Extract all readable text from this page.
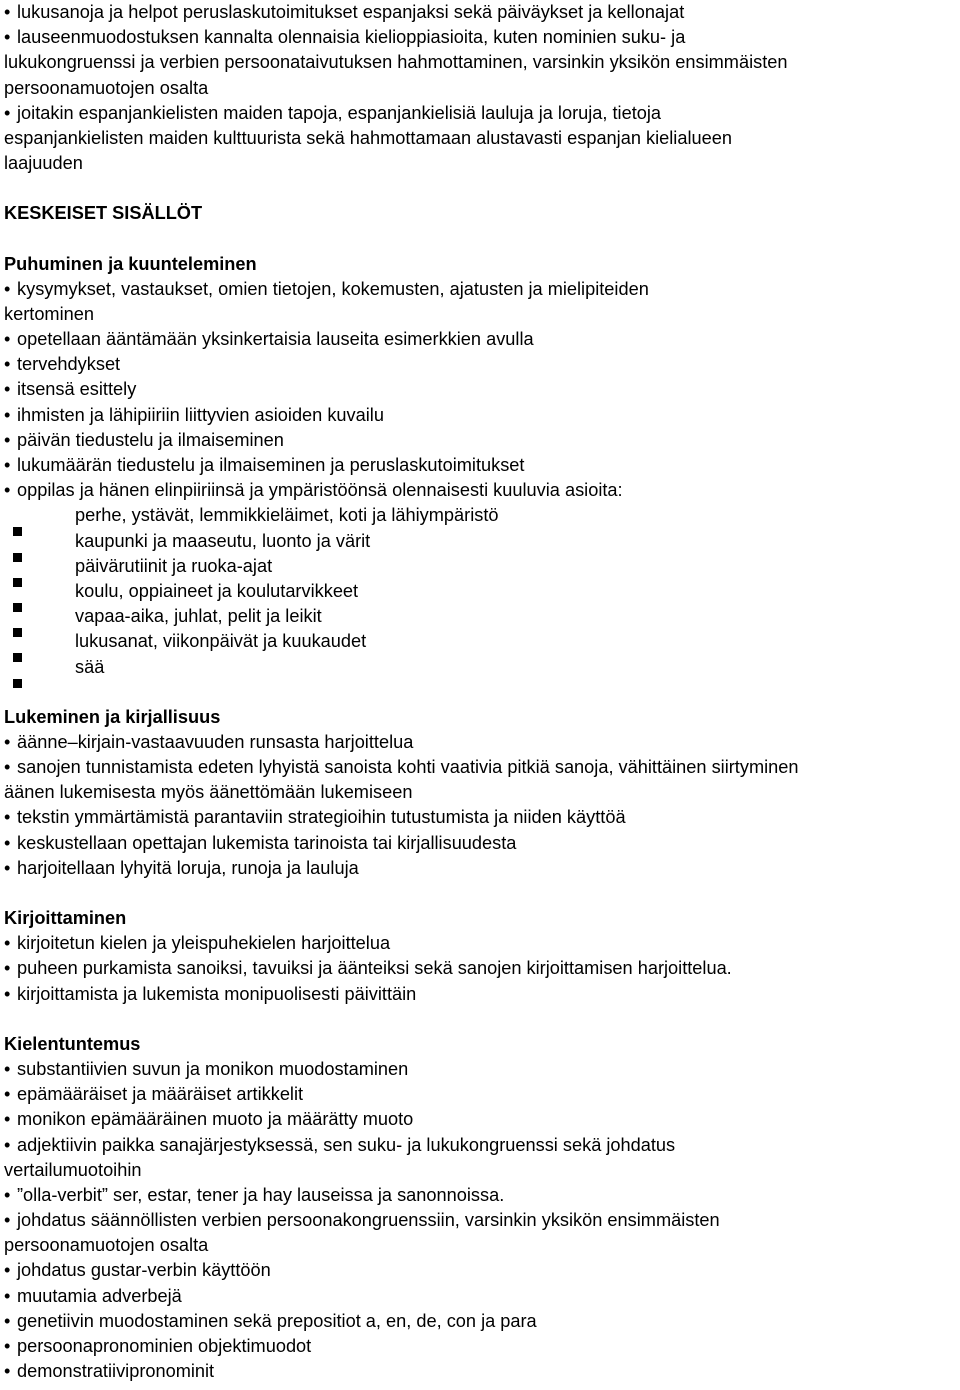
• lukusanoja ja helpot peruslaskutoimitukset espanjaksi sekä päiväykset ja kellonajat
• lauseenmuodostuksen kannalta olennaisia kielioppiasioita, kuten nominien suku- ja
lukukongruenssi ja verbien persoonataivutuksen hahmottaminen, varsinkin yksikön ensimmäisten
persoonamuotojen osalta
• joitakin espanjankielisten maiden tapoja, espanjankielisiä lauluja ja loruja, tietoja
espanjankielisten maiden kulttuurista sekä hahmottamaan alustavasti espanjan kielialueen
laajuuden
KESKEISET SISÄLLÖT
Puhuminen ja kuunteleminen
• kysymykset, vastaukset, omien tietojen, kokemusten, ajatusten ja mielipiteiden
kertominen
• opetellaan ääntämään yksinkertaisia lauseita esimerkkien avulla
• tervehdykset
• itsensä esittely
• ihmisten ja lähipiiriin liittyvien asioiden kuvailu
• päivän tiedustelu ja ilmaiseminen
• lukumäärän tiedustelu ja ilmaiseminen ja peruslaskutoimitukset
• oppilas ja hänen elinpiiriinsä ja ympäristöönsä olennaisesti kuuluvia asioita:
perhe, ystävät, lemmikkieläimet, koti ja lähiympäristö
kaupunki ja maaseutu, luonto ja värit
päivärutiinit ja ruoka-ajat
koulu, oppiaineet ja koulutarvikkeet
vapaa-aika, juhlat, pelit ja leikit
lukusanat, viikonpäivät ja kuukaudet
sää
Lukeminen ja kirjallisuus
• äänne–kirjain-vastaavuuden runsasta harjoittelua
• sanojen tunnistamista edeten lyhyistä sanoista kohti vaativia pitkiä sanoja, vähittäinen siirtyminen
äänen lukemisesta myös äänettömään lukemiseen
• tekstin ymmärtämistä parantaviin strategioihin tutustumista ja niiden käyttöä
• keskustellaan opettajan lukemista tarinoista tai kirjallisuudesta
• harjoitellaan lyhyitä loruja, runoja ja lauluja
Kirjoittaminen
• kirjoitetun kielen ja yleispuhekielen harjoittelua
• puheen purkamista sanoiksi, tavuiksi ja äänteiksi sekä sanojen kirjoittamisen harjoittelua.
• kirjoittamista ja lukemista monipuolisesti päivittäin
Kielentuntemus
• substantiivien suvun ja monikon muodostaminen
• epämääräiset ja määräiset artikkelit
• monikon epämääräinen muoto ja määrätty muoto
• adjektiivin paikka sanajärjestyksessä, sen suku- ja lukukongruenssi sekä johdatus
vertailumuotoihin
• ”olla-verbit” ser, estar, tener ja hay lauseissa ja sanonnoissa.
• johdatus säännöllisten verbien persoonakongruenssiin, varsinkin yksikön ensimmäisten
persoonamuotojen osalta
• johdatus gustar-verbin käyttöön
• muutamia adverbejä
• genetiivin muodostaminen sekä prepositiot a, en, de, con ja para
• persoonapronominien objektimuodot
• demonstratiivipronominit
